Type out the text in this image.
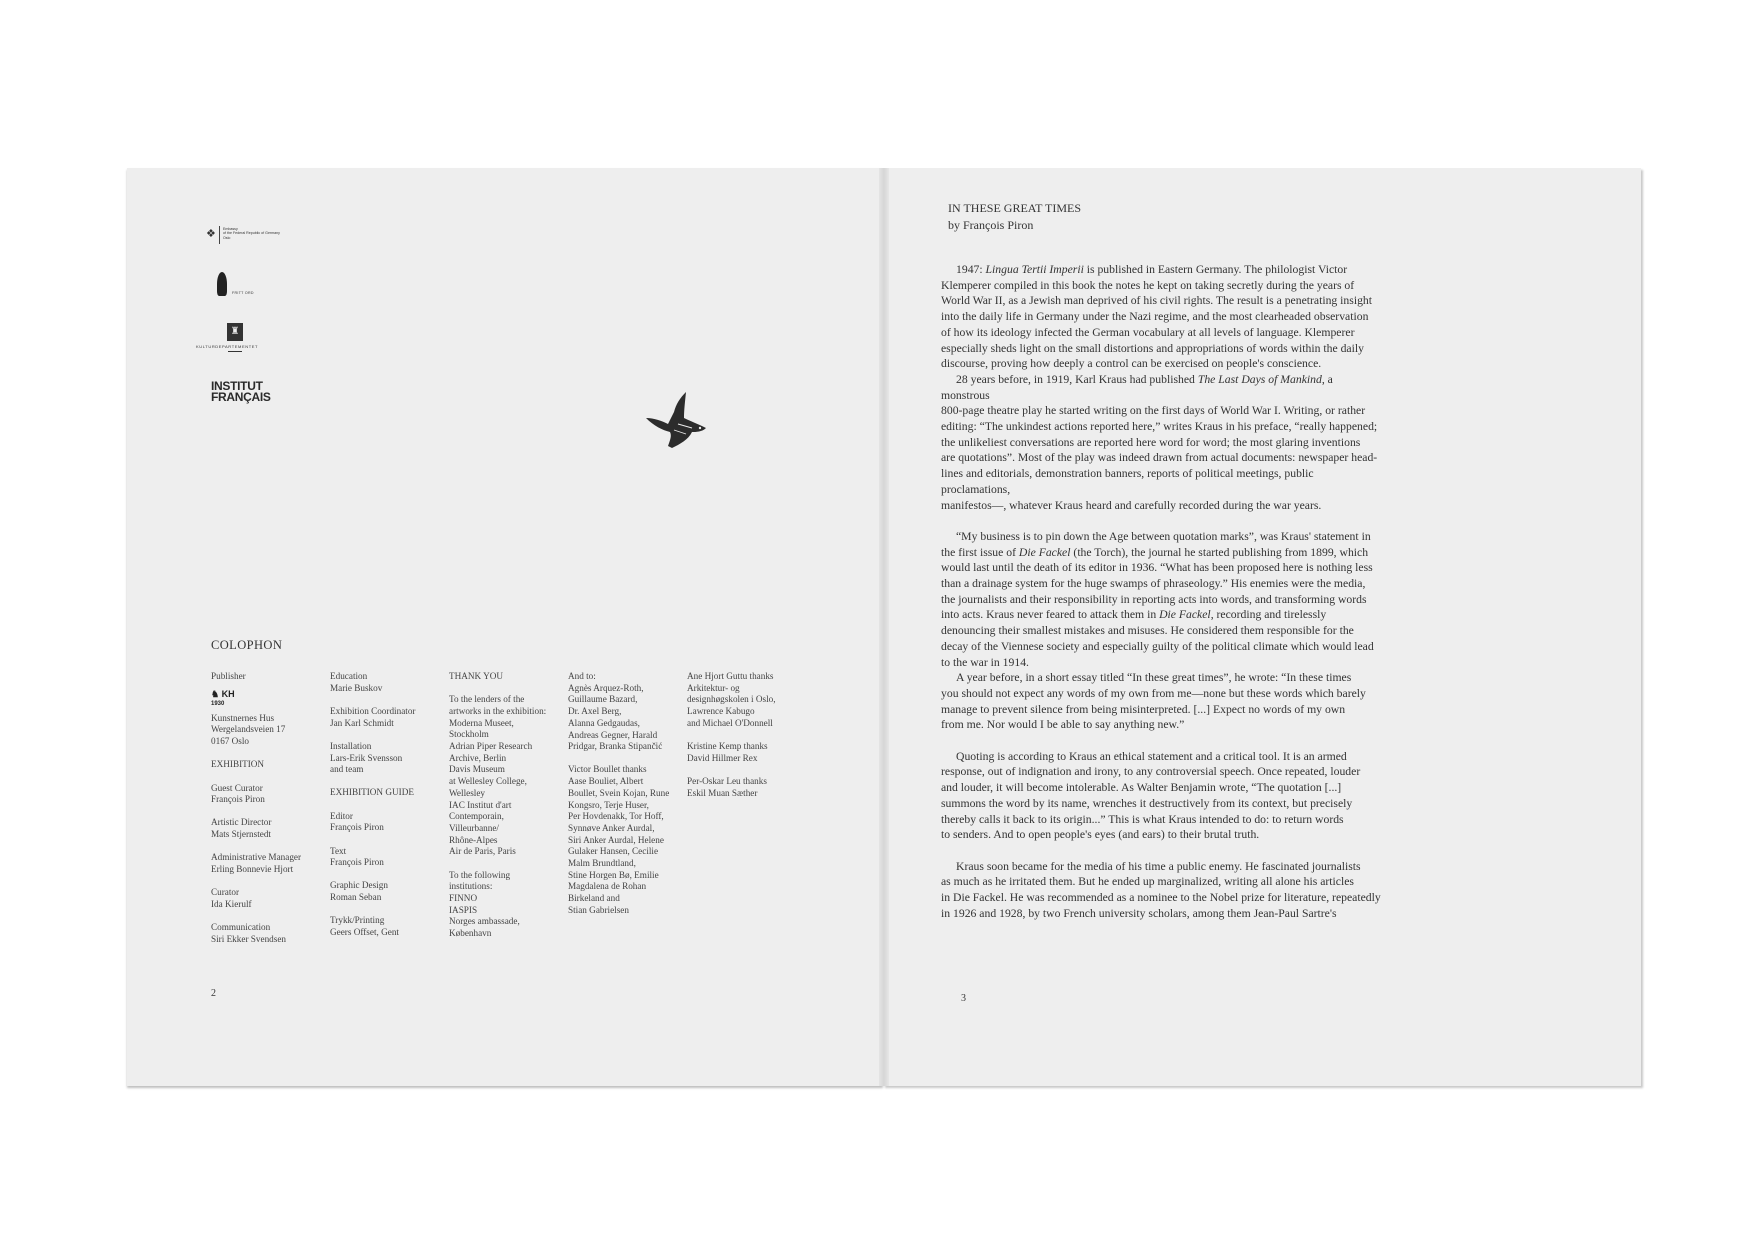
❖ Embassy
of the Federal Republic of Germany
Oslo
FRITT ORD
♜
KULTURDEPARTEMENTET
INSTITUT
FRANÇAIS
COLOPHON

Publisher

♞ KH
1930

Kunstnernes Hus

Wergelandsveien 17

0167 Oslo

EXHIBITION

Guest Curator

François Piron

Artistic Director

Mats Stjernstedt

Administrative Manager

Erling Bonnevie Hjort

Curator

Ida Kierulf

Communication

Siri Ekker Svendsen

Education

Marie Buskov

Exhibition Coordinator

Jan Karl Schmidt

Installation

Lars-Erik Svensson

and team

EXHIBITION GUIDE

Editor

François Piron

Text

François Piron

Graphic Design

Roman Seban

Trykk/Printing

Geers Offset, Gent

THANK YOU

To the lenders of the

artworks in the exhibition:

Moderna Museet,

Stockholm

Adrian Piper Research

Archive, Berlin

Davis Museum

at Wellesley College,

Wellesley

IAC Institut d'art

Contemporain,

Villeurbanne/

Rhône-Alpes

Air de Paris, Paris

To the following

institutions:

FINNO

IASPIS

Norges ambassade,

København

And to:

Agnès Arquez-Roth,

Guillaume Bazard,

Dr. Axel Berg,

Alanna Gedgaudas,

Andreas Gegner, Harald

Pridgar, Branka Stipančić

Victor Boullet thanks

Aase Bouliet, Albert

Boullet, Svein Kojan, Rune

Kongsro, Terje Huser,

Per Hovdenakk, Tor Hoff,

Synnøve Anker Aurdal,

Siri Anker Aurdal, Helene

Gulaker Hansen, Cecilie

Malm Brundtland,

Stine Horgen Bø, Emilie

Magdalena de Rohan

Birkeland and

Stian Gabrielsen

Ane Hjort Guttu thanks

Arkitektur- og

designhøgskolen i Oslo,

Lawrence Kabugo

and Michael O'Donnell

Kristine Kemp thanks

David Hillmer Rex

Per-Oskar Leu thanks

Eskil Muan Sæther

2
IN THESE GREAT TIMES
by François Piron

1947: Lingua Tertii Imperii is published in Eastern Germany. The philologist Victor
Klemperer compiled in this book the notes he kept on taking secretly during the years of
World War II, as a Jewish man deprived of his civil rights. The result is a penetrating insight
into the daily life in Germany under the Nazi regime, and the most clearheaded observation
of how its ideology infected the German vocabulary at all levels of language. Klemperer
especially sheds light on the small distortions and appropriations of words within the daily
discourse, proving how deeply a control can be exercised on people's conscience.

28 years before, in 1919, Karl Kraus had published The Last Days of Mankind, a monstrous
800-page theatre play he started writing on the first days of World War I. Writing, or rather
editing: “The unkindest actions reported here,” writes Kraus in his preface, “really happened;
the unlikeliest conversations are reported here word for word; the most glaring inventions
are quotations”. Most of the play was indeed drawn from actual documents: newspaper head-
lines and editorials, demonstration banners, reports of political meetings, public proclamations,
manifestos—, whatever Kraus heard and carefully recorded during the war years.

“My business is to pin down the Age between quotation marks”, was Kraus' statement in
the first issue of Die Fackel (the Torch), the journal he started publishing from 1899, which
would last until the death of its editor in 1936. “What has been proposed here is nothing less
than a drainage system for the huge swamps of phraseology.” His enemies were the media,
the journalists and their responsibility in reporting acts into words, and transforming words
into acts. Kraus never feared to attack them in Die Fackel, recording and tirelessly
denouncing their smallest mistakes and misuses. He considered them responsible for the
decay of the Viennese society and especially guilty of the political climate which would lead
to the war in 1914.

A year before, in a short essay titled “In these great times”, he wrote: “In these times
you should not expect any words of my own from me—none but these words which barely
manage to prevent silence from being misinterpreted. [...] Expect no words of my own
from me. Nor would I be able to say anything new.”

Quoting is according to Kraus an ethical statement and a critical tool. It is an armed
response, out of indignation and irony, to any controversial speech. Once repeated, louder
and louder, it will become intolerable. As Walter Benjamin wrote, “The quotation [...]
summons the word by its name, wrenches it destructively from its context, but precisely
thereby calls it back to its origin...” This is what Kraus intended to do: to return words
to senders. And to open people's eyes (and ears) to their brutal truth.

Kraus soon became for the media of his time a public enemy. He fascinated journalists
as much as he irritated them. But he ended up marginalized, writing all alone his articles
in Die Fackel. He was recommended as a nominee to the Nobel prize for literature, repeatedly
in 1926 and 1928, by two French university scholars, among them Jean-Paul Sartre's

3
